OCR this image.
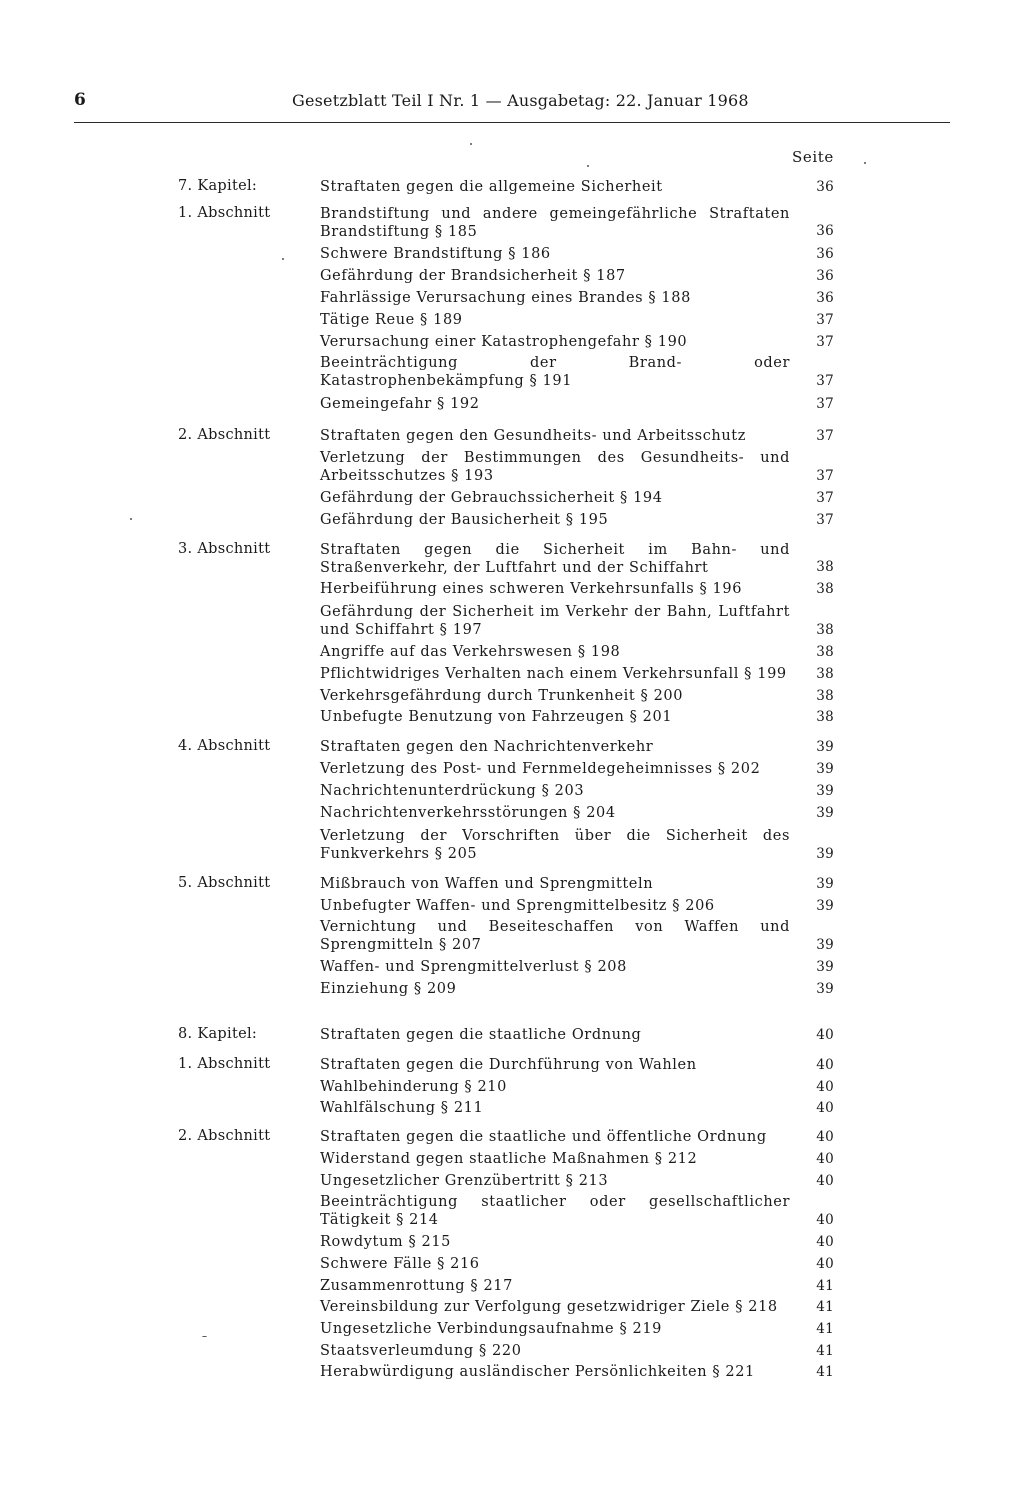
6	Gesetzblatt Teil I Nr. 1 — Ausgabetag: 22. Januar 1968
Seite
7. Kapitel:	Straftaten gegen die allgemeine Sicherheit	36
1. Abschnitt	Brandstiftung und andere gemeingefährliche Straftaten Brandstiftung § 185	36
Schwere Brandstiftung § 186	36
Gefährdung der Brandsicherheit § 187	36
Fahrlässige Verursachung eines Brandes § 188	36
Tätige Reue § 189	37
Verursachung einer Katastrophengefahr § 190	37
Beeinträchtigung der Brand- oder Katastrophenbekämpfung § 191	37
Gemeingefahr § 192	37
2. Abschnitt	Straftaten gegen den Gesundheits- und Arbeitsschutz	37
Verletzung der Bestimmungen des Gesundheits- und Arbeitsschutzes § 193	37
Gefährdung der Gebrauchssicherheit § 194	37
Gefährdung der Bausicherheit § 195	37
3. Abschnitt	Straftaten gegen die Sicherheit im Bahn- und Straßenverkehr, der Luftfahrt und der Schiffahrt	38
Herbeiführung eines schweren Verkehrsunfalls § 196	38
Gefährdung der Sicherheit im Verkehr der Bahn, Luftfahrt und Schiffahrt § 197	38
Angriffe auf das Verkehrswesen § 198	38
Pflichtwidriges Verhalten nach einem Verkehrsunfall § 199	38
Verkehrsgefährdung durch Trunkenheit § 200	38
Unbefugte Benutzung von Fahrzeugen § 201	38
4. Abschnitt	Straftaten gegen den Nachrichtenverkehr	39
Verletzung des Post- und Fernmeldegeheimnisses § 202	39
Nachrichtenunterdrückung § 203	39
Nachrichtenverkehrsstörungen § 204	39
Verletzung der Vorschriften über die Sicherheit des Funkverkehrs § 205	39
5. Abschnitt	Mißbrauch von Waffen und Sprengmitteln	39
Unbefugter Waffen- und Sprengmittelbesitz § 206	39
Vernichtung und Beseiteschaffen von Waffen und Sprengmitteln § 207	39
Waffen- und Sprengmittelverlust § 208	39
Einziehung § 209	39
8. Kapitel:	Straftaten gegen die staatliche Ordnung	40
1. Abschnitt	Straftaten gegen die Durchführung von Wahlen	40
Wahlbehinderung § 210	40
Wahlfälschung § 211	40
2. Abschnitt	Straftaten gegen die staatliche und öffentliche Ordnung	40
Widerstand gegen staatliche Maßnahmen § 212	40
Ungesetzlicher Grenzübertritt § 213	40
Beeinträchtigung staatlicher oder gesellschaftlicher Tätigkeit § 214	40
Rowdytum § 215	40
Schwere Fälle § 216	40
Zusammenrottung § 217	41
Vereinsbildung zur Verfolgung gesetzwidriger Ziele § 218	41
Ungesetzliche Verbindungsaufnahme § 219	41
Staatsverleumdung § 220	41
Herabwürdigung ausländischer Persönlichkeiten § 221	41
